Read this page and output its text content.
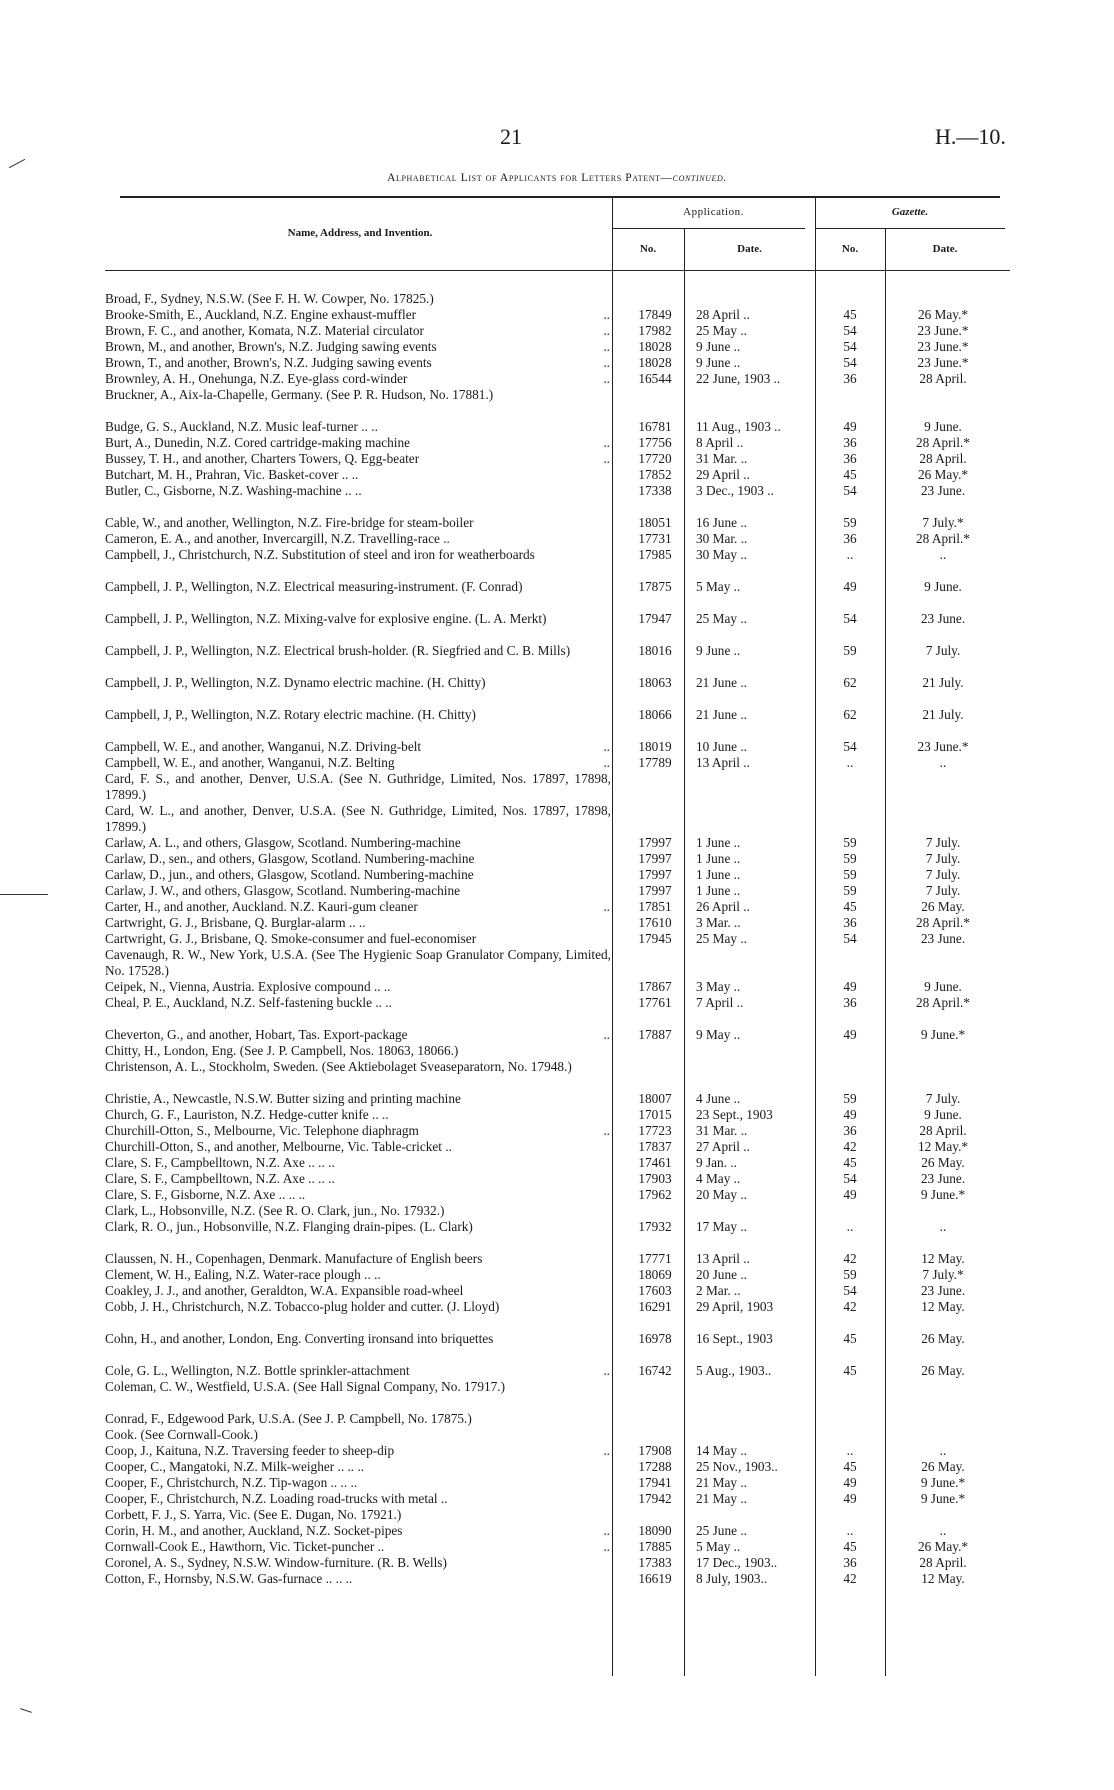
21	H.—10.
Alphabetical List of Applicants for Letters Patent—continued.
Name, Address, and Invention.
Application.	Gazette.
No.	Date.	No.	Date.
Broad, F., Sydney, N.S.W. (See F. H. W. Cowper, No. 17825.)
Brooke-Smith, E., Auckland, N.Z. Engine exhaust-muffler	..	17849	28 April ..	45	26 May.*
Brown, F. C., and another, Komata, N.Z. Material circulator	..	17982	25 May ..	54	23 June.*
Brown, M., and another, Brown's, N.Z. Judging sawing events	..	18028	9 June ..	54	23 June.*
Brown, T., and another, Brown's, N.Z. Judging sawing events	..	18028	9 June ..	54	23 June.*
Brownley, A. H., Onehunga, N.Z. Eye-glass cord-winder	..	16544	22 June, 1903 ..	36	28 April.
Bruckner, A., Aix-la-Chapelle, Germany. (See P. R. Hudson, No. 17881.)
Budge, G. S., Auckland, N.Z. Music leaf-turner .. ..	16781	11 Aug., 1903 ..	49	9 June.
Burt, A., Dunedin, N.Z. Cored cartridge-making machine	..	17756	8 April ..	36	28 April.*
Bussey, T. H., and another, Charters Towers, Q. Egg-beater	..	17720	31 Mar. ..	36	28 April.
Butchart, M. H., Prahran, Vic. Basket-cover .. ..	17852	29 April ..	45	26 May.*
Butler, C., Gisborne, N.Z. Washing-machine .. ..	17338	3 Dec., 1903 ..	54	23 June.
Cable, W., and another, Wellington, N.Z. Fire-bridge for steam-boiler	18051	16 June ..	59	7 July.*
Cameron, E. A., and another, Invercargill, N.Z. Travelling-race ..	17731	30 Mar. ..	36	28 April.*
Campbell, J., Christchurch, N.Z. Substitution of steel and iron for weatherboards	17985	30 May ..	..	..
Campbell, J. P., Wellington, N.Z. Electrical measuring-instrument. (F. Conrad)	17875	5 May ..	49	9 June.
Campbell, J. P., Wellington, N.Z. Mixing-valve for explosive engine. (L. A. Merkt)	17947	25 May ..	54	23 June.
Campbell, J. P., Wellington, N.Z. Electrical brush-holder. (R. Siegfried and C. B. Mills)	18016	9 June ..	59	7 July.
Campbell, J. P., Wellington, N.Z. Dynamo electric machine. (H. Chitty)	18063	21 June ..	62	21 July.
Campbell, J, P., Wellington, N.Z. Rotary electric machine. (H. Chitty)	18066	21 June ..	62	21 July.
Campbell, W. E., and another, Wanganui, N.Z. Driving-belt	..	18019	10 June ..	54	23 June.*
Campbell, W. E., and another, Wanganui, N.Z. Belting	..	17789	13 April ..	..	..
Card, F. S., and another, Denver, U.S.A. (See N. Guthridge, Limited, Nos. 17897, 17898, 17899.)
Card, W. L., and another, Denver, U.S.A. (See N. Guthridge, Limited, Nos. 17897, 17898, 17899.)
Carlaw, A. L., and others, Glasgow, Scotland. Numbering-machine	17997	1 June ..	59	7 July.
Carlaw, D., sen., and others, Glasgow, Scotland. Numbering-machine	17997	1 June ..	59	7 July.
Carlaw, D., jun., and others, Glasgow, Scotland. Numbering-machine	17997	1 June ..	59	7 July.
Carlaw, J. W., and others, Glasgow, Scotland. Numbering-machine	17997	1 June ..	59	7 July.
Carter, H., and another, Auckland. N.Z. Kauri-gum cleaner	..	17851	26 April ..	45	26 May.
Cartwright, G. J., Brisbane, Q. Burglar-alarm .. ..	17610	3 Mar. ..	36	28 April.*
Cartwright, G. J., Brisbane, Q. Smoke-consumer and fuel-economiser	17945	25 May ..	54	23 June.
Cavenaugh, R. W., New York, U.S.A. (See The Hygienic Soap Granulator Company, Limited, No. 17528.)
Ceipek, N., Vienna, Austria. Explosive compound .. ..	17867	3 May ..	49	9 June.
Cheal, P. E., Auckland, N.Z. Self-fastening buckle .. ..	17761	7 April ..	36	28 April.*
Cheverton, G., and another, Hobart, Tas. Export-package	..	17887	9 May ..	49	9 June.*
Chitty, H., London, Eng. (See J. P. Campbell, Nos. 18063, 18066.)
Christenson, A. L., Stockholm, Sweden. (See Aktiebolaget Sveaseparatorn, No. 17948.)
Christie, A., Newcastle, N.S.W. Butter sizing and printing machine	18007	4 June ..	59	7 July.
Church, G. F., Lauriston, N.Z. Hedge-cutter knife .. ..	17015	23 Sept., 1903	49	9 June.
Churchill-Otton, S., Melbourne, Vic. Telephone diaphragm	..	17723	31 Mar. ..	36	28 April.
Churchill-Otton, S., and another, Melbourne, Vic. Table-cricket ..	17837	27 April ..	42	12 May.*
Clare, S. F., Campbelltown, N.Z. Axe .. .. ..	17461	9 Jan. ..	45	26 May.
Clare, S. F., Campbelltown, N.Z. Axe .. .. ..	17903	4 May ..	54	23 June.
Clare, S. F., Gisborne, N.Z. Axe .. .. ..	17962	20 May ..	49	9 June.*
Clark, L., Hobsonville, N.Z. (See R. O. Clark, jun., No. 17932.)
Clark, R. O., jun., Hobsonville, N.Z. Flanging drain-pipes. (L. Clark)	17932	17 May ..	..	..
Claussen, N. H., Copenhagen, Denmark. Manufacture of English beers	17771	13 April ..	42	12 May.
Clement, W. H., Ealing, N.Z. Water-race plough .. ..	18069	20 June ..	59	7 July.*
Coakley, J. J., and another, Geraldton, W.A. Expansible road-wheel	17603	2 Mar. ..	54	23 June.
Cobb, J. H., Christchurch, N.Z. Tobacco-plug holder and cutter. (J. Lloyd)	16291	29 April, 1903	42	12 May.
Cohn, H., and another, London, Eng. Converting ironsand into briquettes	16978	16 Sept., 1903	45	26 May.
Cole, G. L., Wellington, N.Z. Bottle sprinkler-attachment	..	16742	5 Aug., 1903..	45	26 May.
Coleman, C. W., Westfield, U.S.A. (See Hall Signal Company, No. 17917.)
Conrad, F., Edgewood Park, U.S.A. (See J. P. Campbell, No. 17875.)
Cook. (See Cornwall-Cook.)
Coop, J., Kaituna, N.Z. Traversing feeder to sheep-dip	..	17908	14 May ..	..	..
Cooper, C., Mangatoki, N.Z. Milk-weigher .. .. ..	17288	25 Nov., 1903..	45	26 May.
Cooper, F., Christchurch, N.Z. Tip-wagon .. .. ..	17941	21 May ..	49	9 June.*
Cooper, F., Christchurch, N.Z. Loading road-trucks with metal ..	17942	21 May ..	49	9 June.*
Corbett, F. J., S. Yarra, Vic. (See E. Dugan, No. 17921.)
Corin, H. M., and another, Auckland, N.Z. Socket-pipes	..	18090	25 June ..	..	..
Cornwall-Cook E., Hawthorn, Vic. Ticket-puncher ..	..	17885	5 May ..	45	26 May.*
Coronel, A. S., Sydney, N.S.W. Window-furniture. (R. B. Wells)	17383	17 Dec., 1903..	36	28 April.
Cotton, F., Hornsby, N.S.W. Gas-furnace .. .. ..	16619	8 July, 1903..	42	12 May.
